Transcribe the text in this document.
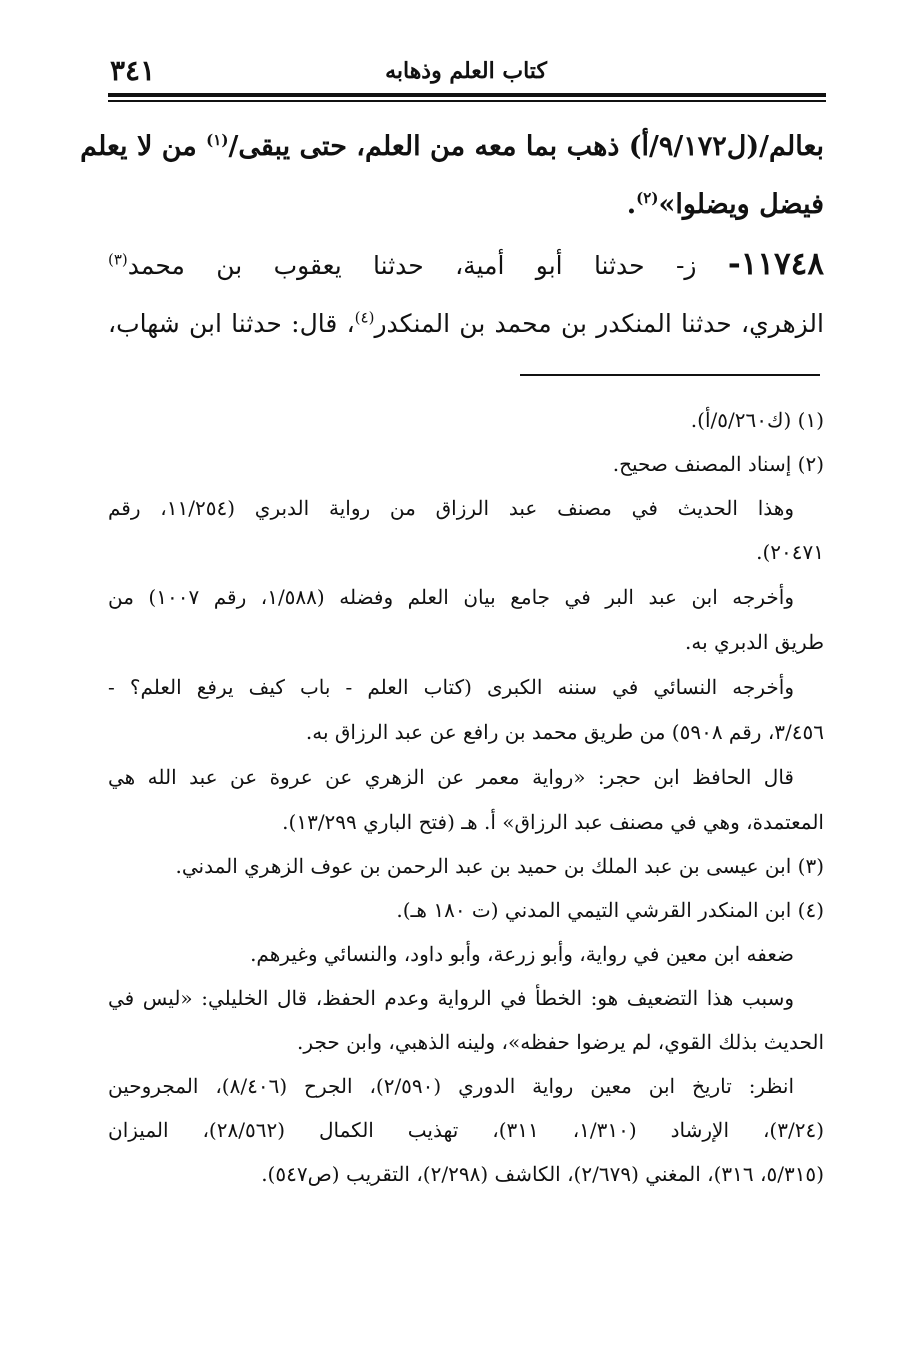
كتاب العلم وذهابه
٣٤١
بعالم/(ل٩/١٧٢/أ) ذهب بما معه من العلم، حتى يبقى/$^{(١)}$ من لا يعلم
فيضل ويضلوا»$^{(٢)}$.
١١٧٤٨- ز- حدثنا أبو أمية، حدثنا يعقوب بن محمد$^{(٣)}$
الزهري، حدثنا المنكدر بن محمد بن المنكدر$^{(٤)}$، قال: حدثنا ابن شهاب،
(١) (ك٥/٢٦٠/أ).
(٢) إسناد المصنف صحيح.
وهذا الحديث في مصنف عبد الرزاق من رواية الدبري (١١/٢٥٤، رقم
٢٠٤٧١).
وأخرجه ابن عبد البر في جامع بيان العلم وفضله (١/٥٨٨، رقم ١٠٠٧) من
طريق الدبري به.
وأخرجه النسائي في سننه الكبرى (كتاب العلم - باب كيف يرفع العلم؟ -
٣/٤٥٦، رقم ٥٩٠٨) من طريق محمد بن رافع عن عبد الرزاق به.
قال الحافظ ابن حجر: «رواية معمر عن الزهري عن عروة عن عبد الله هي
المعتمدة، وهي في مصنف عبد الرزاق» أ. هـ (فتح الباري ١٣/٢٩٩).
(٣) ابن عيسى بن عبد الملك بن حميد بن عبد الرحمن بن عوف الزهري المدني.
(٤) ابن المنكدر القرشي التيمي المدني (ت ١٨٠ هـ).
ضعفه ابن معين في رواية، وأبو زرعة، وأبو داود، والنسائي وغيرهم.
وسبب هذا التضعيف هو: الخطأ في الرواية وعدم الحفظ، قال الخليلي: «ليس في
الحديث بذلك القوي، لم يرضوا حفظه»، ولينه الذهبي، وابن حجر.
انظر: تاريخ ابن معين رواية الدوري (٢/٥٩٠)، الجرح (٨/٤٠٦)، المجروحين
(٣/٢٤)، الإرشاد (١/٣١٠، ٣١١)، تهذيب الكمال (٢٨/٥٦٢)، الميزان
(٥/٣١٥، ٣١٦)، المغني (٢/٦٧٩)، الكاشف (٢/٢٩٨)، التقريب (ص٥٤٧).
